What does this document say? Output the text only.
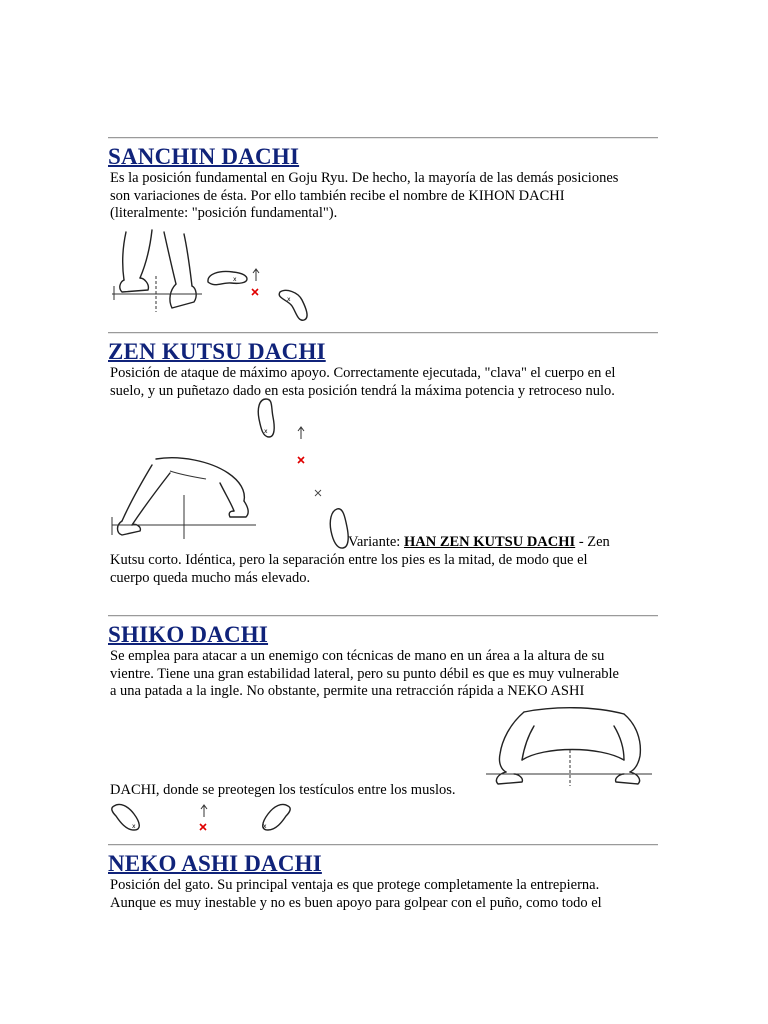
SANCHIN DACHI
Es la posición fundamental en Goju Ryu. De hecho, la mayoría de las demás posiciones
son variaciones de ésta. Por ello también recibe el nombre de KIHON DACHI
(literalmente: "posición fundamental").
x
x
ZEN KUTSU DACHI
Posición de ataque de máximo apoyo. Correctamente ejecutada, "clava" el cuerpo en el
suelo, y un puñetazo dado en esta posición tendrá la máxima potencia y retroceso nulo.
x
Variante: HAN ZEN KUTSU DACHI - Zen
Kutsu corto. Idéntica, pero la separación entre los pies es la mitad, de modo que el
cuerpo queda mucho más elevado.
SHIKO DACHI
Se emplea para atacar a un enemigo con técnicas de mano en un área a la altura de su
vientre. Tiene una gran estabilidad lateral, pero su punto débil es que es muy vulnerable
a una patada a la ingle. No obstante, permite una retracción rápida a NEKO ASHI
DACHI, donde se preotegen los testículos entre los muslos.
x	x
NEKO ASHI DACHI
Posición del gato. Su principal ventaja es que protege completamente la entrepierna.
Aunque es muy inestable y no es buen apoyo para golpear con el puño, como todo el
